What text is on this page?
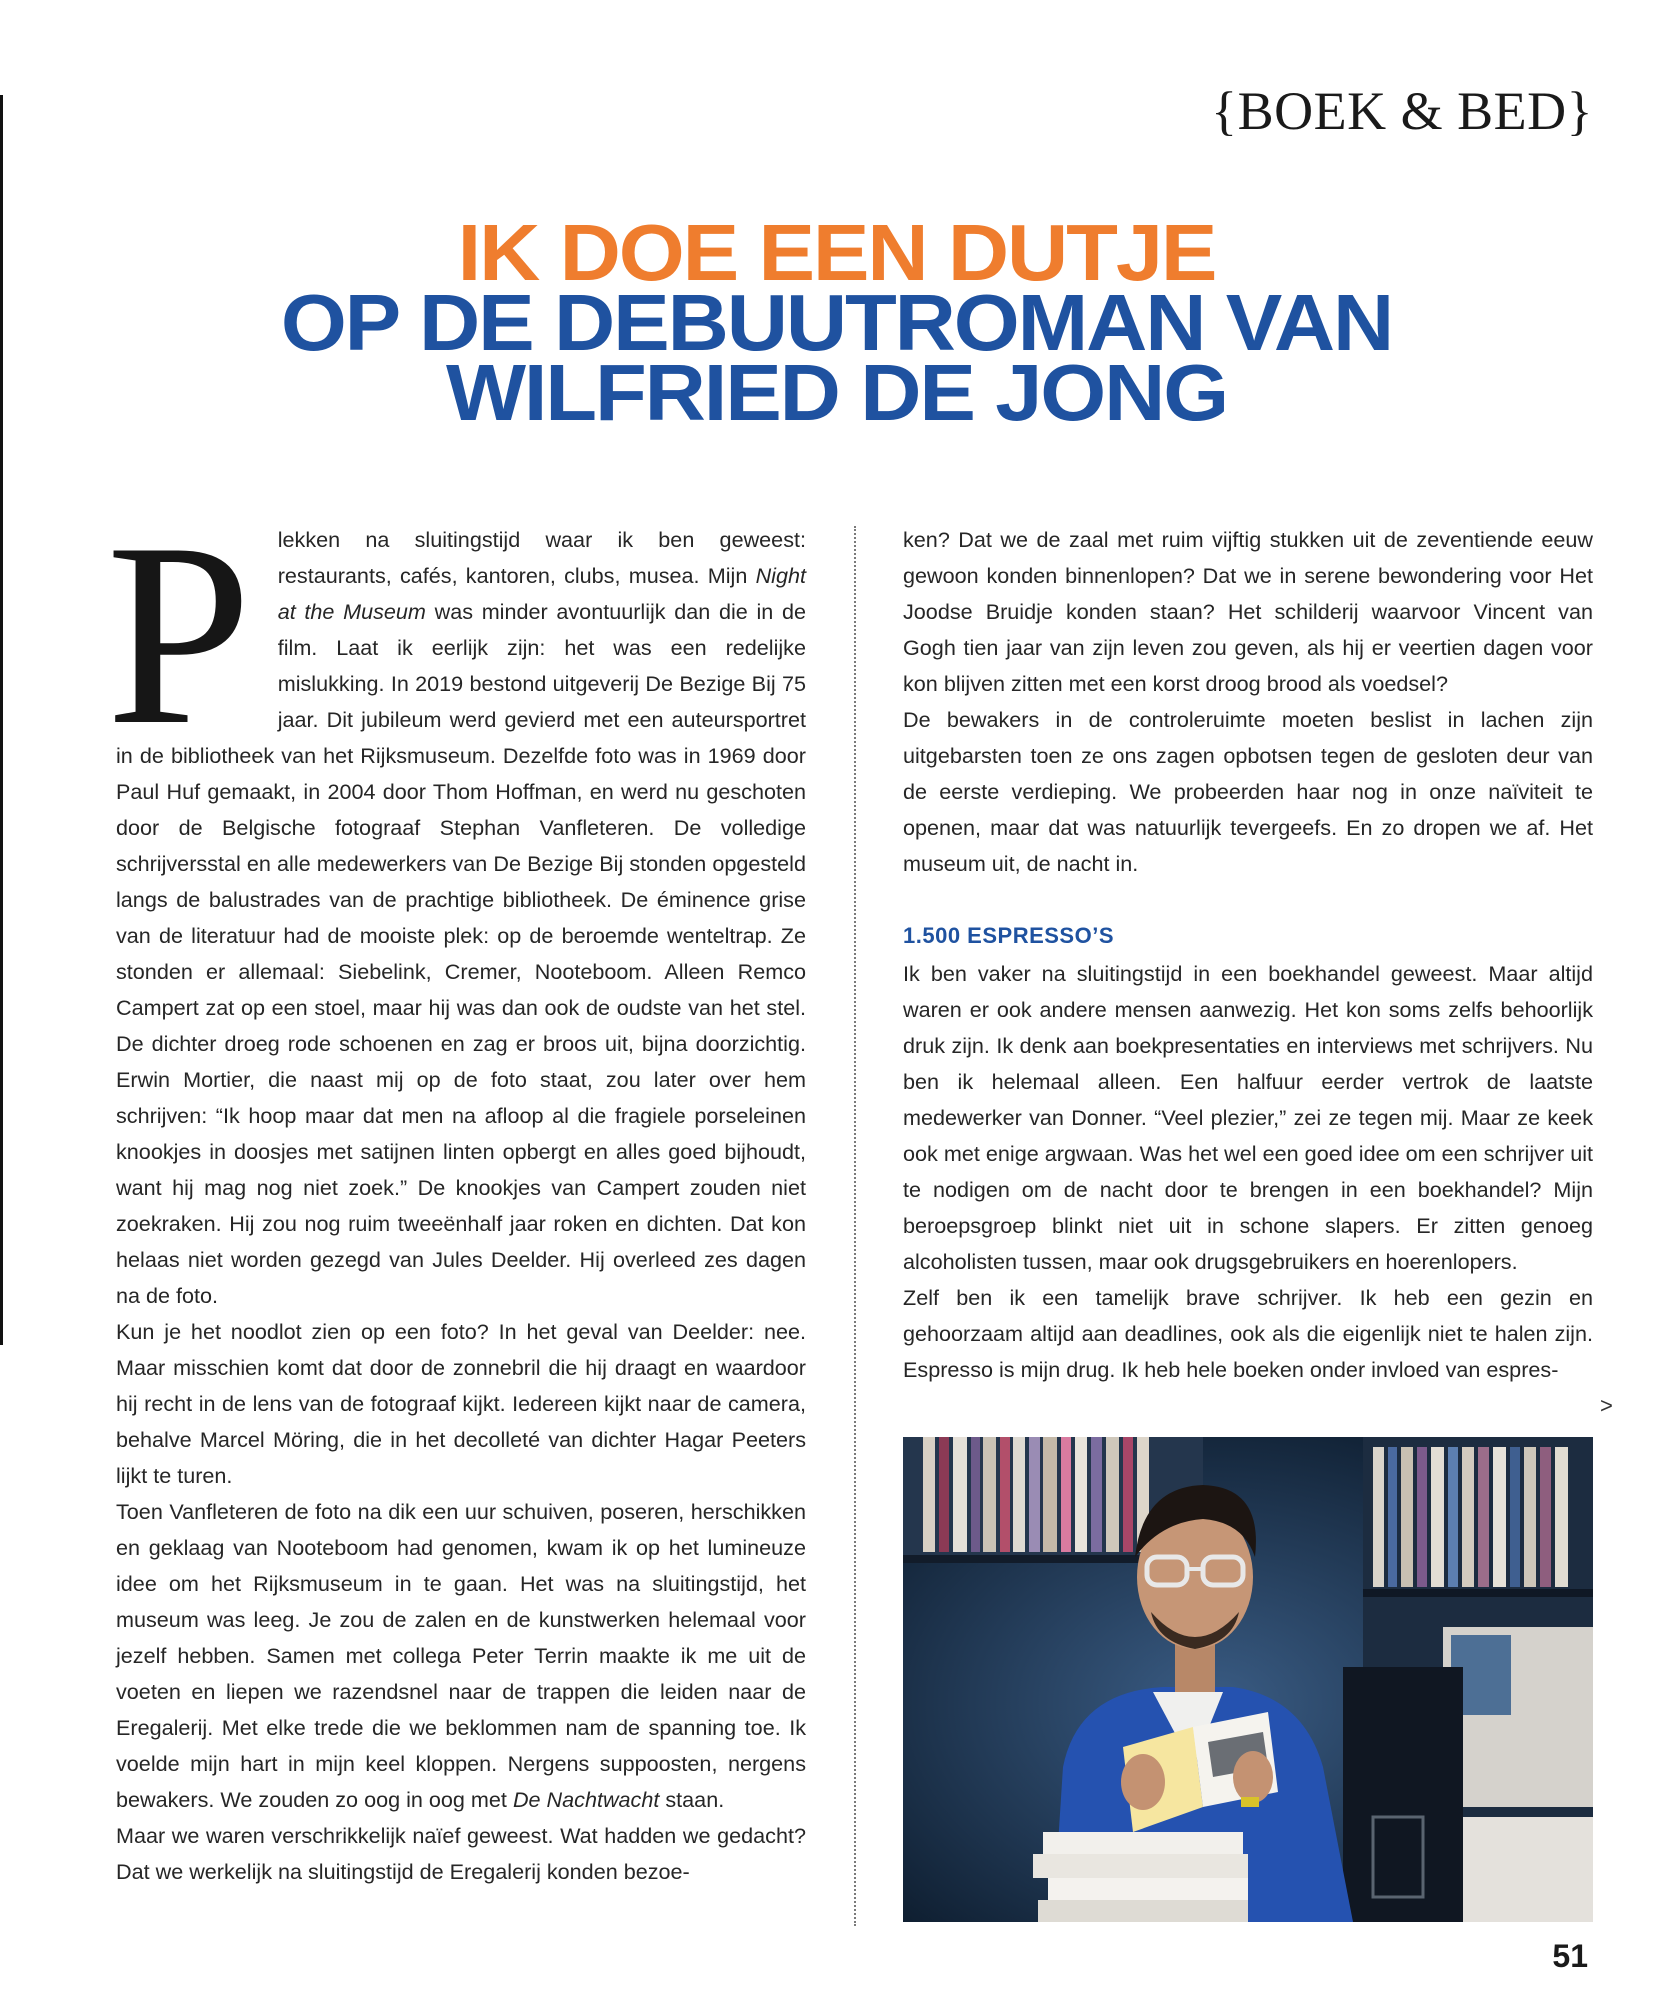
{BOEK & BED}
IK DOE EEN DUTJE
OP DE DEBUUTROMAN VAN
WILFRIED DE JONG
P	lekken na sluitingstijd waar ik ben geweest: restaurants, cafés, kantoren, clubs, musea. Mijn Night at the Museum was minder avontuurlijk dan die in de film. Laat ik eerlijk zijn: het was een redelijke mislukking. In 2019 bestond uitgeverij De Bezige Bij 75 jaar. Dit jubileum werd gevierd met een auteursportret in de bibliotheek van het Rijksmuseum. Dezelfde foto was in 1969 door Paul Huf gemaakt, in 2004 door Thom Hoffman, en werd nu geschoten door de Belgische fotograaf Stephan Vanfleteren. De volledige schrijversstal en alle medewerkers van De Bezige Bij stonden opgesteld langs de balustrades van de prachtige bibliotheek. De éminence grise van de literatuur had de mooiste plek: op de beroemde wenteltrap. Ze stonden er allemaal: Siebelink, Cremer, Nooteboom. Alleen Remco Campert zat op een stoel, maar hij was dan ook de oudste van het stel. De dichter droeg rode schoenen en zag er broos uit, bijna doorzichtig. Erwin Mortier, die naast mij op de foto staat, zou later over hem schrijven: “Ik hoop maar dat men na afloop al die fragiele porseleinen knookjes in doosjes met satijnen linten opbergt en alles goed bijhoudt, want hij mag nog niet zoek.” De knookjes van Campert zouden niet zoekraken. Hij zou nog ruim tweeënhalf jaar roken en dichten. Dat kon helaas niet worden gezegd van Jules Deelder. Hij overleed zes dagen na de foto.

Kun je het noodlot zien op een foto? In het geval van Deelder: nee. Maar misschien komt dat door de zonnebril die hij draagt en waardoor hij recht in de lens van de fotograaf kijkt. Iedereen kijkt naar de camera, behalve Marcel Möring, die in het decolleté van dichter Hagar Peeters lijkt te turen.

Toen Vanfleteren de foto na dik een uur schuiven, poseren, herschikken en geklaag van Nooteboom had genomen, kwam ik op het lumineuze idee om het Rijksmuseum in te gaan. Het was na sluitingstijd, het museum was leeg. Je zou de zalen en de kunstwerken helemaal voor jezelf hebben. Samen met collega Peter Terrin maakte ik me uit de voeten en liepen we razendsnel naar de trappen die leiden naar de Eregalerij. Met elke trede die we beklommen nam de spanning toe. Ik voelde mijn hart in mijn keel kloppen. Nergens suppoosten, nergens bewakers. We zouden zo oog in oog met De Nachtwacht staan.

Maar we waren verschrikkelijk naïef geweest. Wat hadden we gedacht? Dat we werkelijk na sluitingstijd de Eregalerij konden bezoe-

ken? Dat we de zaal met ruim vijftig stukken uit de zeventiende eeuw gewoon konden binnenlopen? Dat we in serene bewondering voor Het Joodse Bruidje konden staan? Het schilderij waarvoor Vincent van Gogh tien jaar van zijn leven zou geven, als hij er veertien dagen voor kon blijven zitten met een korst droog brood als voedsel?

De bewakers in de controleruimte moeten beslist in lachen zijn uitgebarsten toen ze ons zagen opbotsen tegen de gesloten deur van de eerste verdieping. We probeerden haar nog in onze naïviteit te openen, maar dat was natuurlijk tevergeefs. En zo dropen we af. Het museum uit, de nacht in.

1.500 ESPRESSO’S

Ik ben vaker na sluitingstijd in een boekhandel geweest. Maar altijd waren er ook andere mensen aanwezig. Het kon soms zelfs behoorlijk druk zijn. Ik denk aan boekpresentaties en interviews met schrijvers. Nu ben ik helemaal alleen. Een halfuur eerder vertrok de laatste medewerker van Donner. “Veel plezier,” zei ze tegen mij. Maar ze keek ook met enige argwaan. Was het wel een goed idee om een schrijver uit te nodigen om de nacht door te brengen in een boekhandel? Mijn beroepsgroep blinkt niet uit in schone slapers. Er zitten genoeg alcoholisten tussen, maar ook drugsgebruikers en hoerenlopers.

Zelf ben ik een tamelijk brave schrijver. Ik heb een gezin en gehoorzaam altijd aan deadlines, ook als die eigenlijk niet te halen zijn. Espresso is mijn drug. Ik heb hele boeken onder invloed van espres-

>
51
